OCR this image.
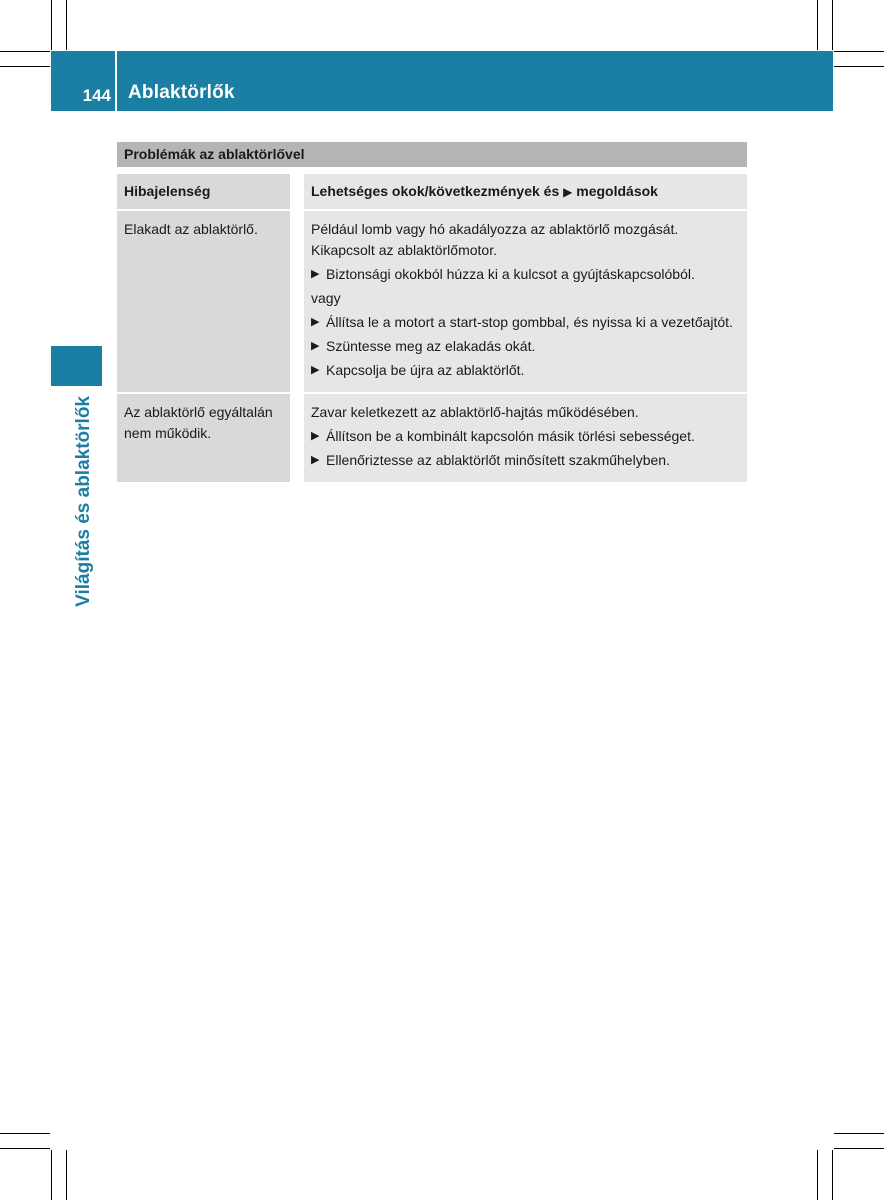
144 Ablaktörlők
Világítás és ablaktörlők
Problémák az ablaktörlővel
Hibajelenség	Lehetséges okok/következmények és ▶ megoldások
Elakadt az ablaktörlő.	Például lomb vagy hó akadályozza az ablaktörlő mozgását. Kikapcsolt az ablaktörlőmotor.

▶ Biztonsági okokból húzza ki a kulcsot a gyújtáskapcsolóból.

vagy

▶ Állítsa le a motort a start-stop gombbal, és nyissa ki a vezetőajtót.
▶ Szüntesse meg az elakadás okát.
▶ Kapcsolja be újra az ablaktörlőt.
Az ablaktörlő egyáltalán nem működik.

Zavar keletkezett az ablaktörlő-hajtás működésében.

▶ Állítson be a kombinált kapcsolón másik törlési sebességet.
▶ Ellenőriztesse az ablaktörlőt minősített szakműhelyben.
